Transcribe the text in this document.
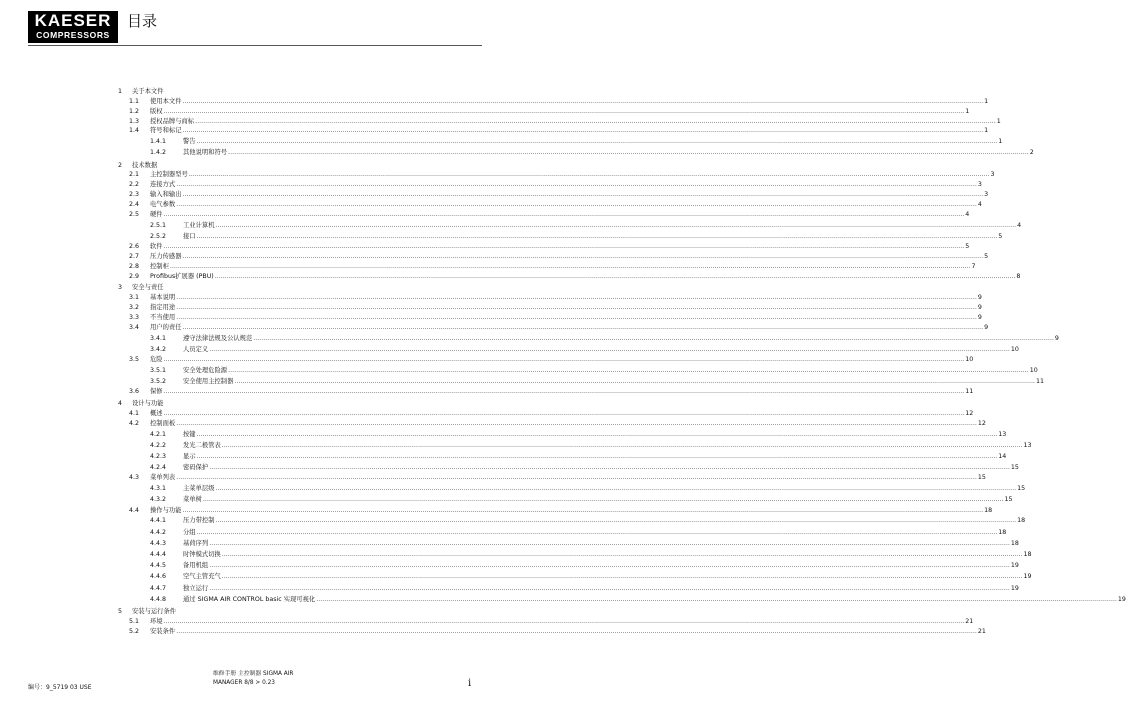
KAESER
COMPRESSORS
目录
1 关于本文件
1.1 使用本文件 ................................................................................................................................................................................................................................................................................................................................................................................................................ 1
1.2 版权 ................................................................................................................................................................................................................................................................................................................................................................................................................ 1
1.3 授权品牌与商标 ................................................................................................................................................................................................................................................................................................................................................................................................................ 1
1.4 符号和标记 ................................................................................................................................................................................................................................................................................................................................................................................................................ 1
1.4.1	警告 ................................................................................................................................................................................................................................................................................................................................................................................................................ 1
1.4.2	其他说明和符号 ................................................................................................................................................................................................................................................................................................................................................................................................................ 2
2 技术数据
2.1 主控制器型号 ................................................................................................................................................................................................................................................................................................................................................................................................................ 3
2.2 连接方式 ................................................................................................................................................................................................................................................................................................................................................................................................................ 3
2.3 输入和输出 ................................................................................................................................................................................................................................................................................................................................................................................................................ 3
2.4 电气参数 ................................................................................................................................................................................................................................................................................................................................................................................................................ 4
2.5 硬件 ................................................................................................................................................................................................................................................................................................................................................................................................................ 4
2.5.1	工业计算机 ................................................................................................................................................................................................................................................................................................................................................................................................................ 4
2.5.2	接口 ................................................................................................................................................................................................................................................................................................................................................................................................................ 5
2.6 软件 ................................................................................................................................................................................................................................................................................................................................................................................................................ 5
2.7 压力传感器 ................................................................................................................................................................................................................................................................................................................................................................................................................ 5
2.8 控制柜 ................................................................................................................................................................................................................................................................................................................................................................................................................ 7
2.9 Profibus扩展器 (PBU) ................................................................................................................................................................................................................................................................................................................................................................................................................ 8
3 安全与责任
3.1 基本说明 ................................................................................................................................................................................................................................................................................................................................................................................................................ 9
3.2 指定用途 ................................................................................................................................................................................................................................................................................................................................................................................................................ 9
3.3 不当使用 ................................................................................................................................................................................................................................................................................................................................................................................................................ 9
3.4 用户的责任 ................................................................................................................................................................................................................................................................................................................................................................................................................ 9
3.4.1	遵守法律法规及公认规范 ................................................................................................................................................................................................................................................................................................................................................................................................................ 9
3.4.2	人员定义 ................................................................................................................................................................................................................................................................................................................................................................................................................ 10
3.5 危险 ................................................................................................................................................................................................................................................................................................................................................................................................................ 10
3.5.1	安全处理危险源 ................................................................................................................................................................................................................................................................................................................................................................................................................ 10
3.5.2	安全使用主控制器 ................................................................................................................................................................................................................................................................................................................................................................................................................ 11
3.6 保修 ................................................................................................................................................................................................................................................................................................................................................................................................................ 11
4 设计与功能
4.1 概述 ................................................................................................................................................................................................................................................................................................................................................................................................................ 12
4.2 控制面板 ................................................................................................................................................................................................................................................................................................................................................................................................................ 12
4.2.1	按键 ................................................................................................................................................................................................................................................................................................................................................................................................................ 13
4.2.2	发光二极管表 ................................................................................................................................................................................................................................................................................................................................................................................................................ 13
4.2.3	显示 ................................................................................................................................................................................................................................................................................................................................................................................................................ 14
4.2.4	密码保护 ................................................................................................................................................................................................................................................................................................................................................................................................................ 15
4.3 菜单列表 ................................................................................................................................................................................................................................................................................................................................................................................................................ 15
4.3.1	主菜单层级 ................................................................................................................................................................................................................................................................................................................................................................................................................ 15
4.3.2	菜单树 ................................................................................................................................................................................................................................................................................................................................................................................................................ 15
4.4 操作与功能 ................................................................................................................................................................................................................................................................................................................................................................................................................ 18
4.4.1	压力带控制 ................................................................................................................................................................................................................................................................................................................................................................................................................ 18
4.4.2	分组 ................................................................................................................................................................................................................................................................................................................................................................................................................ 18
4.4.3	基荷序列 ................................................................................................................................................................................................................................................................................................................................................................................................................ 18
4.4.4	时钟模式切换 ................................................................................................................................................................................................................................................................................................................................................................................................................ 18
4.4.5	备用机组 ................................................................................................................................................................................................................................................................................................................................................................................................................ 19
4.4.6	空气主管充气 ................................................................................................................................................................................................................................................................................................................................................................................................................ 19
4.4.7	独立运行 ................................................................................................................................................................................................................................................................................................................................................................................................................ 19
4.4.8	通过 SIGMA AIR CONTROL basic 实现可视化 ................................................................................................................................................................................................................................................................................................................................................................................................................ 19
5 安装与运行条件
5.1 环境 ................................................................................................................................................................................................................................................................................................................................................................................................................ 21
5.2 安装条件 ................................................................................................................................................................................................................................................................................................................................................................................................................ 21
编号：9_5719 03 USE
维修手册 主控制器 SIGMA AIR
MANAGER 8/8 > 0.23	i
